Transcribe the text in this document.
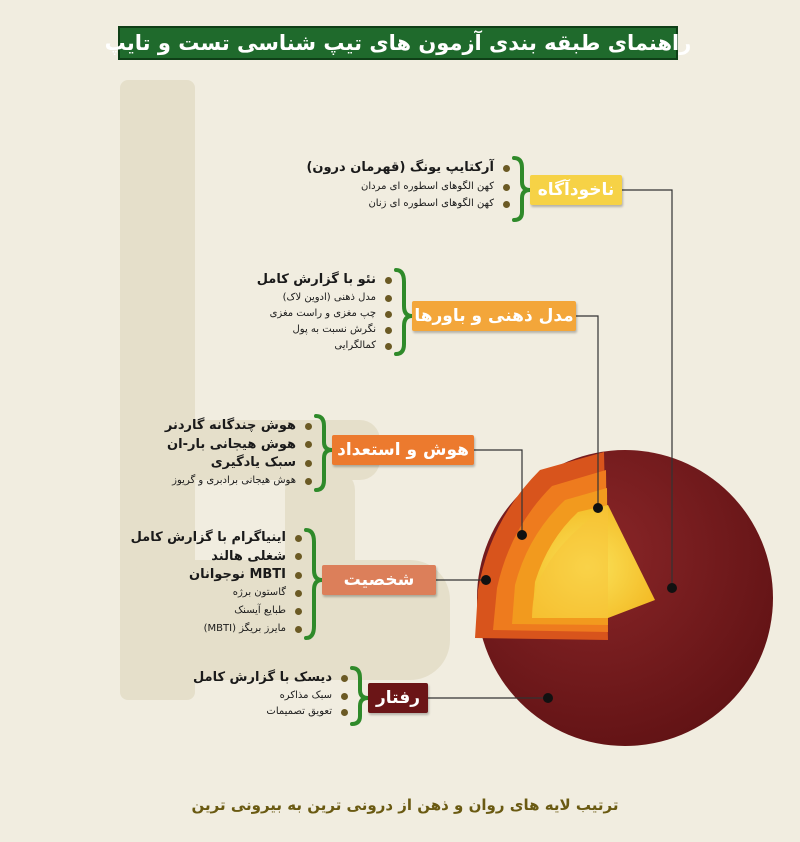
راهنمای طبقه بندی آزمون های تیپ شناسی تست و تایپ
ناخودآگاه
مدل ذهنی و باورها
هوش و استعداد
شخصیت
رفتار
آرکتایپ یونگ (قهرمان درون)
کهن الگوهای اسطوره ای مردان
کهن الگوهای اسطوره ای زنان
نئو با گزارش کامل
مدل ذهنی (ادوین لاک)
چپ مغزی و راست مغزی
نگرش نسبت به پول
کمالگرایی
هوش چندگانه گاردنر
هوش هیجانی بار-ان
سبک یادگیری
هوش هیجانی برادبری و گریوز
اینیاگرام با گزارش کامل
شغلی هالند
MBTI نوجوانان
گاستون برژه
طبایع آیسنک
مایرز بریگز (MBTI)
دیسک با گزارش کامل
سبک مذاکره
تعویق تصمیمات
ترتیب لایه های روان و ذهن از درونی ترین به بیرونی ترین
